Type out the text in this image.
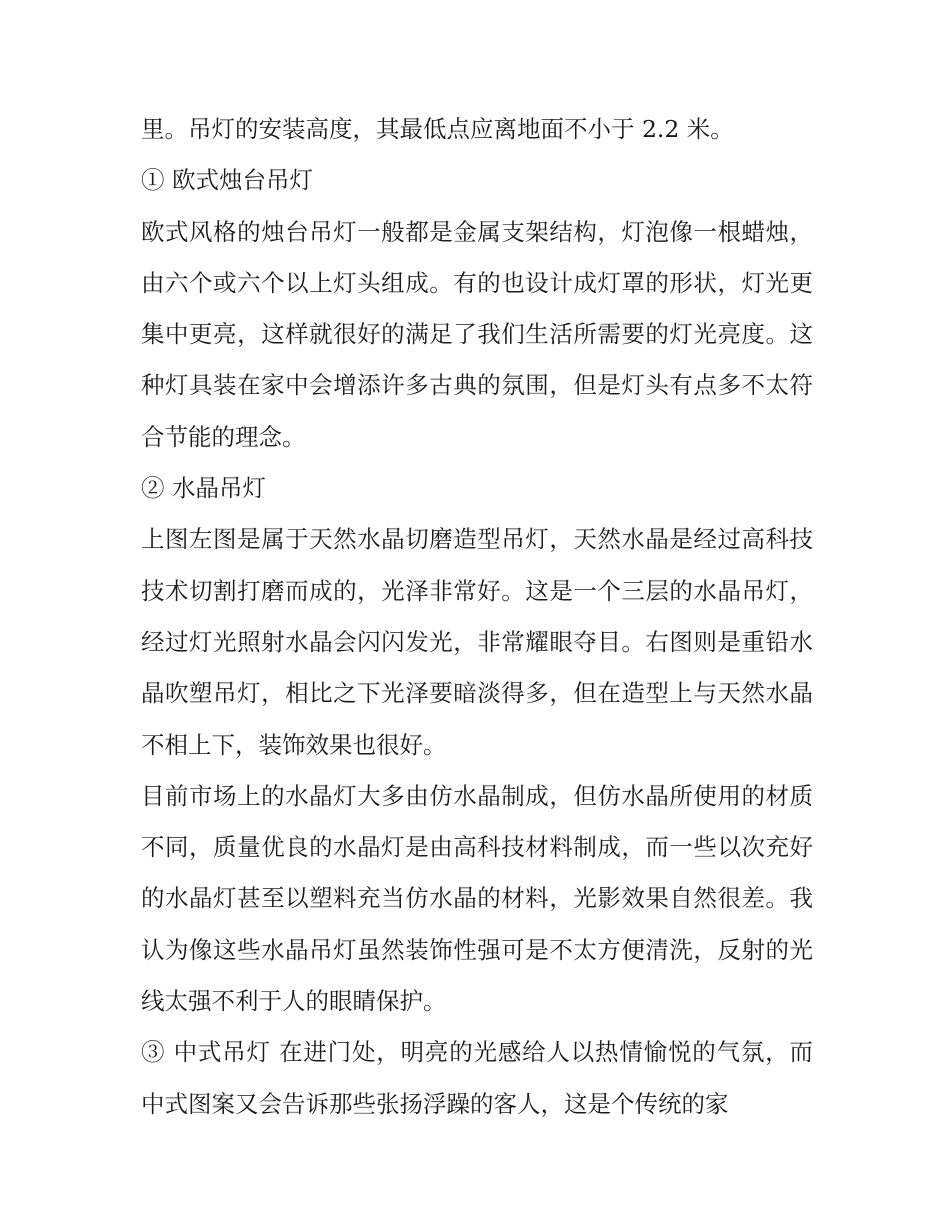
里。吊灯的安装高度，其最低点应离地面不小于 2.2 米。

① 欧式烛台吊灯

欧式风格的烛台吊灯一般都是金属支架结构，灯泡像一根蜡烛，由六个或六个以上灯头组成。有的也设计成灯罩的形状，灯光更集中更亮，这样就很好的满足了我们生活所需要的灯光亮度。这种灯具装在家中会增添许多古典的氛围，但是灯头有点多不太符合节能的理念。

② 水晶吊灯

上图左图是属于天然水晶切磨造型吊灯，天然水晶是经过高科技技术切割打磨而成的，光泽非常好。这是一个三层的水晶吊灯，经过灯光照射水晶会闪闪发光，非常耀眼夺目。右图则是重铅水晶吹塑吊灯，相比之下光泽要暗淡得多，但在造型上与天然水晶不相上下，装饰效果也很好。

目前市场上的水晶灯大多由仿水晶制成，但仿水晶所使用的材质不同，质量优良的水晶灯是由高科技材料制成，而一些以次充好的水晶灯甚至以塑料充当仿水晶的材料，光影效果自然很差。我认为像这些水晶吊灯虽然装饰性强可是不太方便清洗，反射的光线太强不利于人的眼睛保护。

③ 中式吊灯 在进门处，明亮的光感给人以热情愉悦的气氛，而中式图案又会告诉那些张扬浮躁的客人，这是个传统的家
